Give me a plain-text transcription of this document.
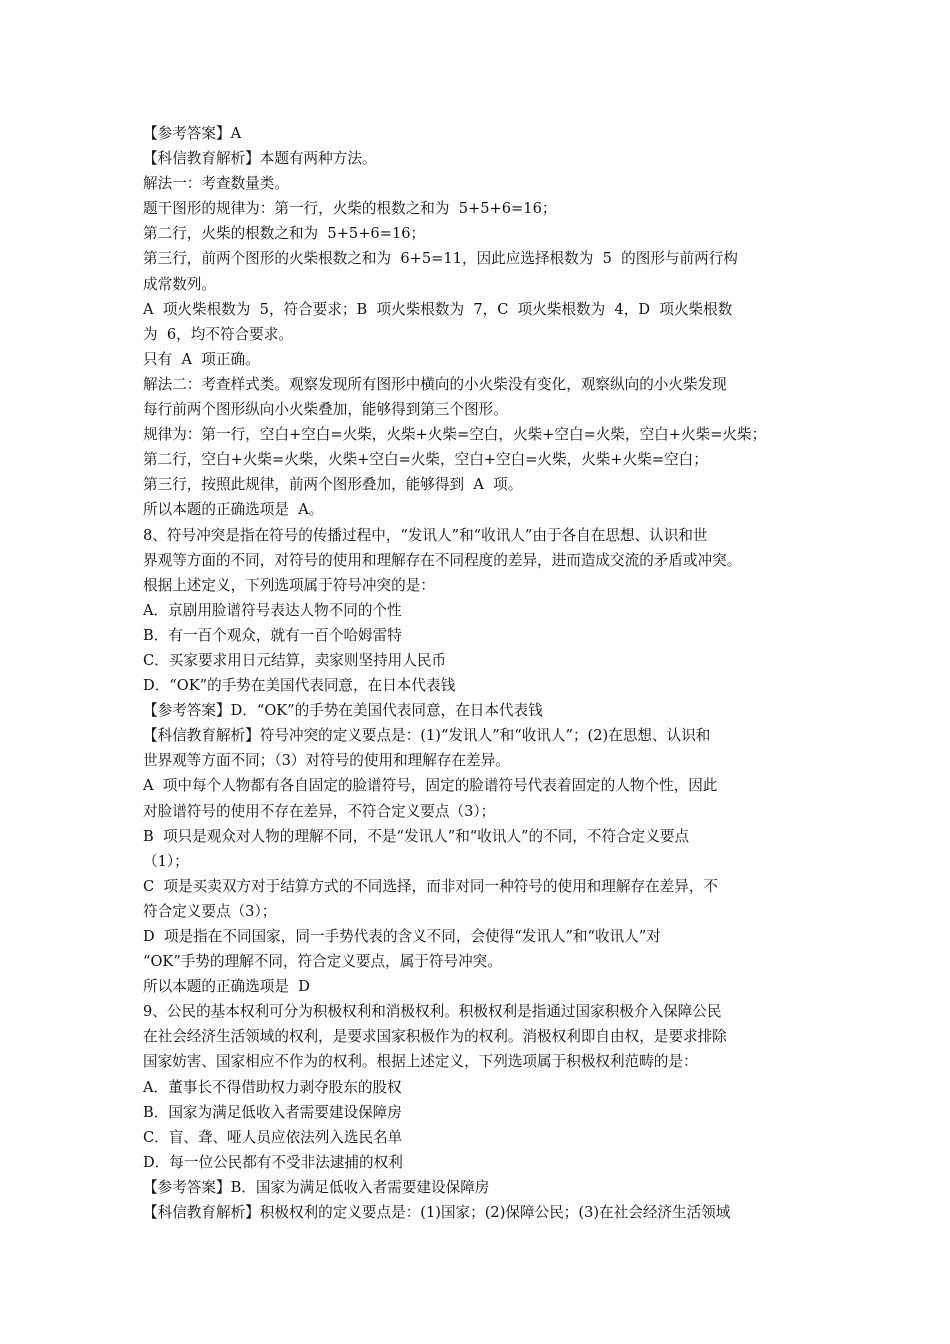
【参考答案】A
【科信教育解析】本题有两种方法。
解法一：考查数量类。
题干图形的规律为：第一行，火柴的根数之和为  5+5+6=16；
第二行，火柴的根数之和为  5+5+6=16；
第三行，前两个图形的火柴根数之和为  6+5=11，因此应选择根数为  5  的图形与前两行构
成常数列。
A  项火柴根数为  5，符合要求；B  项火柴根数为  7，C  项火柴根数为  4，D  项火柴根数
为  6，均不符合要求。
只有  A  项正确。
解法二：考查样式类。观察发现所有图形中横向的小火柴没有变化，观察纵向的小火柴发现
每行前两个图形纵向小火柴叠加，能够得到第三个图形。
规律为：第一行，空白+空白=火柴，火柴+火柴=空白，火柴+空白=火柴，空白+火柴=火柴；
第二行，空白+火柴=火柴，火柴+空白=火柴，空白+空白=火柴，火柴+火柴=空白；
第三行，按照此规律，前两个图形叠加，能够得到  A  项。
所以本题的正确选项是  A。
8、符号冲突是指在符号的传播过程中，“发讯人”和“收讯人”由于各自在思想、认识和世
界观等方面的不同，对符号的使用和理解存在不同程度的差异，进而造成交流的矛盾或冲突。
根据上述定义，下列选项属于符号冲突的是：
A．京剧用脸谱符号表达人物不同的个性
B．有一百个观众，就有一百个哈姆雷特
C．买家要求用日元结算，卖家则坚持用人民币
D．“OK”的手势在美国代表同意，在日本代表钱
【参考答案】D．“OK”的手势在美国代表同意，在日本代表钱
【科信教育解析】符号冲突的定义要点是：(1)“发讯人”和“收讯人”；(2)在思想、认识和
世界观等方面不同；（3）对符号的使用和理解存在差异。
A  项中每个人物都有各自固定的脸谱符号，固定的脸谱符号代表着固定的人物个性，因此
对脸谱符号的使用不存在差异，不符合定义要点（3）；
B  项只是观众对人物的理解不同，不是“发讯人”和“收讯人”的不同，不符合定义要点
（1）；
C  项是买卖双方对于结算方式的不同选择，而非对同一种符号的使用和理解存在差异，不
符合定义要点（3）；
D  项是指在不同国家，同一手势代表的含义不同，会使得“发讯人”和“收讯人”对
“OK”手势的理解不同，符合定义要点，属于符号冲突。
所以本题的正确选项是  D
9、公民的基本权利可分为积极权利和消极权利。积极权利是指通过国家积极介入保障公民
在社会经济生活领域的权利，是要求国家积极作为的权利。消极权利即自由权，是要求排除
国家妨害、国家相应不作为的权利。根据上述定义，下列选项属于积极权利范畴的是：
A．董事长不得借助权力剥夺股东的股权
B．国家为满足低收入者需要建设保障房
C．盲、聋、哑人员应依法列入选民名单
D．每一位公民都有不受非法逮捕的权利
【参考答案】B．国家为满足低收入者需要建设保障房
【科信教育解析】积极权利的定义要点是：(1)国家；(2)保障公民；(3)在社会经济生活领域
